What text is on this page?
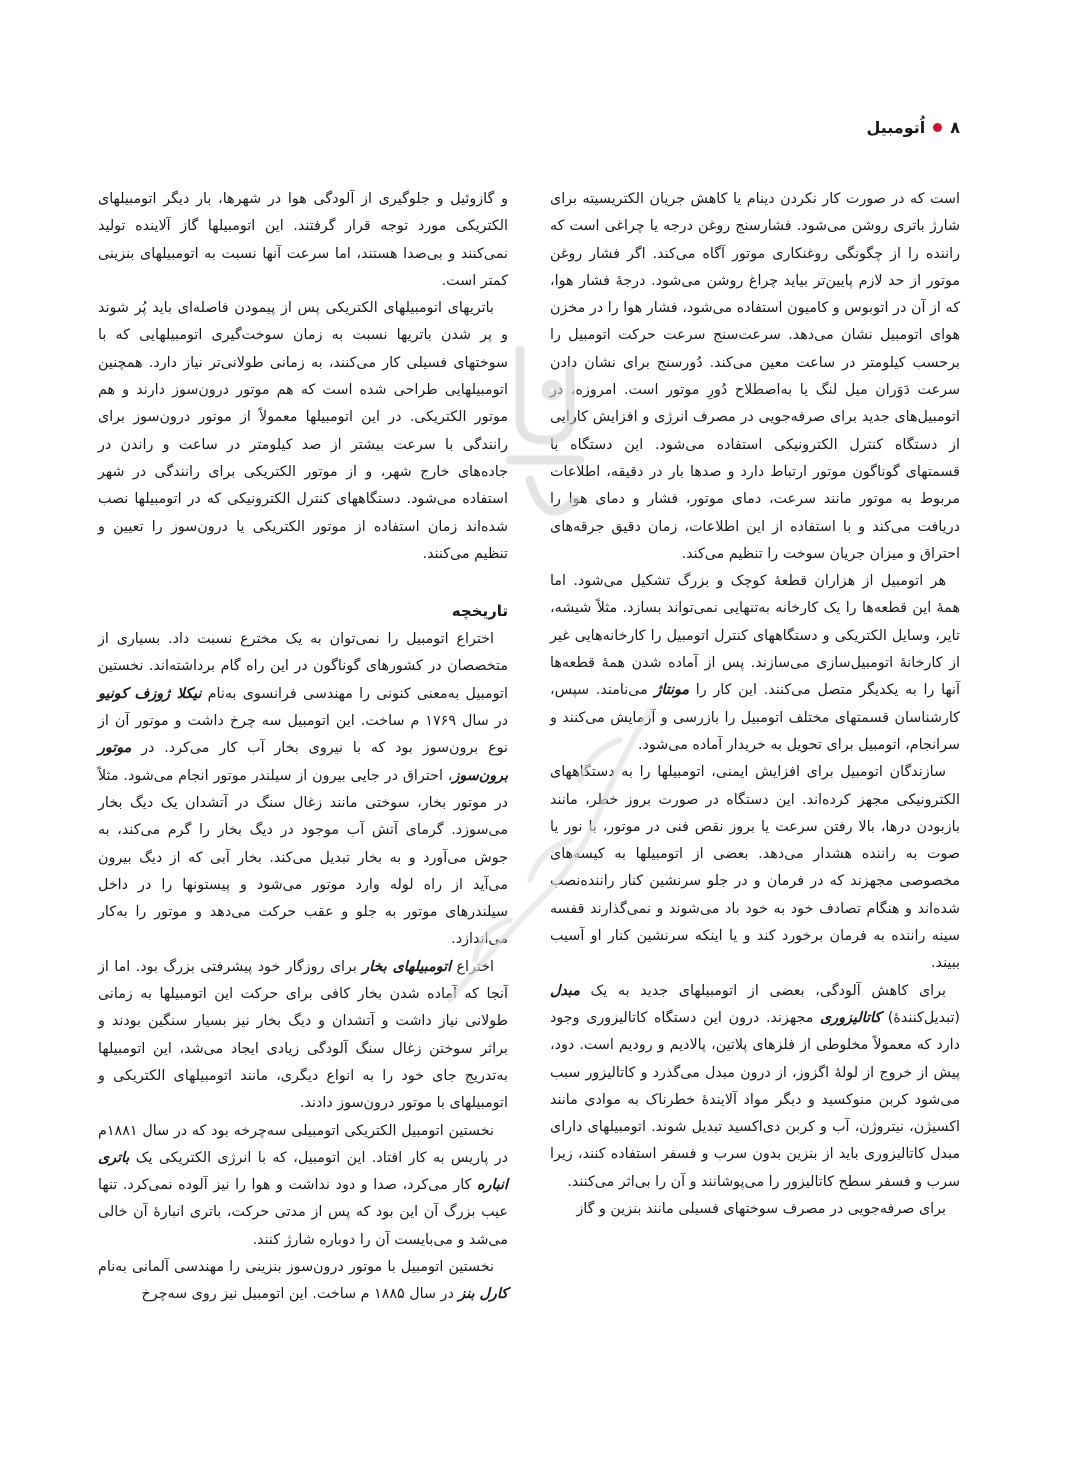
۸
اُتومبیل

است که در صورت کار نکردن دینام یا کاهش جریان الکتریسیته برای شارژ باتری روشن می‌شود. فشارسنج روغن درجه یا چراغی است که راننده را از چگونگی روغنکاری موتور آگاه می‌کند. اگر فشار روغن موتور از حد لازم پایین‌تر بیاید چراغ روشن می‌شود. درجهٔ فشار هوا، که از آن در اتوبوس و کامیون استفاده می‌شود، فشار هوا را در مخزن هوای اتومبیل نشان می‌دهد. سرعت‌سنج سرعت حرکت اتومبیل را برحسب کیلومتر در ساعت معین می‌کند. دُورسنج برای نشان دادن سرعت دَوَران میل لنگ یا به‌اصطلاح دُورِ موتور است. امروزه، در اتومبیل‌های جدید برای صرفه‌جویی در مصرف انرژی و افزایش کارایی از دستگاه کنترل الکترونیکی استفاده می‌شود. این دستگاه با قسمتهای گوناگون موتور ارتباط دارد و صدها بار در دقیقه، اطلاعات مربوط به موتور مانند سرعت، دمای موتور، فشار و دمای هوا را دریافت می‌کند و با استفاده از این اطلاعات، زمان دقیق جرقه‌های احتراق و میزان جریان سوخت را تنظیم می‌کند.

هر اتومبیل از هزاران قطعهٔ کوچک و بزرگ تشکیل می‌شود. اما همهٔ این قطعه‌ها را یک کارخانه به‌تنهایی نمی‌تواند بسازد. مثلاً شیشه، تایر، وسایل الکتریکی و دستگاههای کنترل اتومبیل را کارخانه‌هایی غیر از کارخانهٔ اتومبیل‌سازی می‌سازند. پس از آماده شدن همهٔ قطعه‌ها آنها را به یکدیگر متصل می‌کنند. این کار را مونتاژ می‌نامند. سپس، کارشناسان قسمتهای مختلف اتومبیل را بازرسی و آزمایش می‌کنند و سرانجام، اتومبیل برای تحویل به خریدار آماده می‌شود.

سازندگان اتومبیل برای افزایش ایمنی، اتومبیلها را به دستگاههای الکترونیکی مجهز کرده‌اند. این دستگاه در صورت بروز خطر، مانند بازبودن درها، بالا رفتن سرعت یا بروز نقص فنی در موتور، با نور یا صوت به راننده هشدار می‌دهد. بعضی از اتومبیلها به کیسه‌های مخصوصی مجهزند که در فرمان و در جلو سرنشین کنار راننده‌نصب شده‌اند و هنگام تصادف خود به خود باد می‌شوند و نمی‌گذارند قفسه سینه راننده به فرمان برخورد کند و یا اینکه سرنشین کنار او آسیب ببیند.

برای کاهش آلودگی، بعضی از اتومبیلهای جدید به یک مبدل (تبدیل‌کنندهٔ) کاتالیزوری مجهزند. درون این دستگاه کاتالیزوری وجود دارد که معمولاً مخلوطی از فلزهای پلاتین، پالادیم و رودیم است. دود، پیش از خروج از لولهٔ اگزوز، از درون مبدل می‌گذرد و کاتالیزور سبب می‌شود کربن منوکسید و دیگر مواد آلایندهٔ خطرناک به موادی مانند اکسیژن، نیتروژن، آب و کربن دی‌اکسید تبدیل شوند. اتومبیلهای دارای مبدل کاتالیزوری باید از بنزین بدون سرب و فسفر استفاده کنند، زیرا سرب و فسفر سطح کاتالیزور را می‌پوشانند و آن را بی‌اثر می‌کنند.

برای صرفه‌جویی در مصرف سوختهای فسیلی مانند بنزین و گاز

و گازوئیل و جلوگیری از آلودگی هوا در شهرها، بار دیگر اتومبیلهای الکتریکی مورد توجه قرار گرفتند. این اتومبیلها گاز آلاینده تولید نمی‌کنند و بی‌صدا هستند، اما سرعت آنها نسبت به اتومبیلهای بنزینی کمتر است.

باتریهای اتومبیلهای الکتریکی پس از پیمودن فاصله‌ای باید پُر شوند و پر شدن باتریها نسبت به زمان سوخت‌گیری اتومبیلهایی که با سوختهای فسیلی کار می‌کنند، به زمانی طولانی‌تر نیاز دارد. همچنین اتومبیلهایی طراحی شده است که هم موتور درون‌سوز دارند و هم موتور الکتریکی. در این اتومبیلها معمولاً از موتور درون‌سوز برای رانندگی با سرعت بیشتر از صد کیلومتر در ساعت و راندن در جاده‌های خارج شهر، و از موتور الکتریکی برای رانندگی در شهر استفاده می‌شود. دستگاههای کنترل الکترونیکی که در اتومبیلها نصب شده‌اند زمان استفاده از موتور الکتریکی یا درون‌سوز را تعیین و تنظیم می‌کنند.

تاریخچه

اختراع اتومبیل را نمی‌توان به یک مخترع نسبت داد. بسیاری از متخصصان در کشورهای گوناگون در این راه گام برداشته‌اند. نخستین اتومبیل به‌معنی کنونی را مهندسی فرانسوی به‌نام نیکلا ژوزف کونیو در سال ۱۷۶۹ م ساخت. این اتومبیل سه چرخ داشت و موتور آن از نوع برون‌سوز بود که با نیروی بخار آب کار می‌کرد. در موتور برون‌سوز، احتراق در جایی بیرون از سیلندر موتور انجام می‌شود. مثلاً در موتور بخار، سوختی مانند زغال سنگ در آتشدان یک دیگ بخار می‌سوزد. گرمای آتش آب موجود در دیگ بخار را گرم می‌کند، به جوش می‌آورد و به بخار تبدیل می‌کند. بخار آبی که از دیگ بیرون می‌آید از راه لوله وارد موتور می‌شود و پیستونها را در داخل سیلندرهای موتور به جلو و عقب حرکت می‌دهد و موتور را به‌کار می‌اندازد.

اختراع اتومبیلهای بخار برای روزگار خود پیشرفتی بزرگ بود. اما از آنجا که آماده شدن بخار کافی برای حرکت این اتومبیلها به زمانی طولانی نیاز داشت و آتشدان و دیگ بخار نیز بسیار سنگین بودند و براثر سوختن زغال سنگ آلودگی زیادی ایجاد می‌شد، این اتومبیلها به‌تدریج جای خود را به انواع دیگری، مانند اتومبیلهای الکتریکی و اتومبیلهای با موتور درون‌سوز دادند.

نخستین اتومبیل الکتریکی اتومبیلی سه‌چرخه بود که در سال ۱۸۸۱م در پاریس به کار افتاد. این اتومبیل، که با انرژی الکتریکی یک باتری انباره کار می‌کرد، صدا و دود نداشت و هوا را نیز آلوده نمی‌کرد. تنها عیب بزرگ آن این بود که پس از مدتی حرکت، باتری انبارهٔ آن خالی می‌شد و می‌بایست آن را دوباره شارژ کنند.

نخستین اتومبیل با موتور درون‌سوز بنزینی را مهندسی آلمانی به‌نام کارل بنز در سال ۱۸۸۵ م ساخت. این اتومبیل نیز روی سه‌چرخ
